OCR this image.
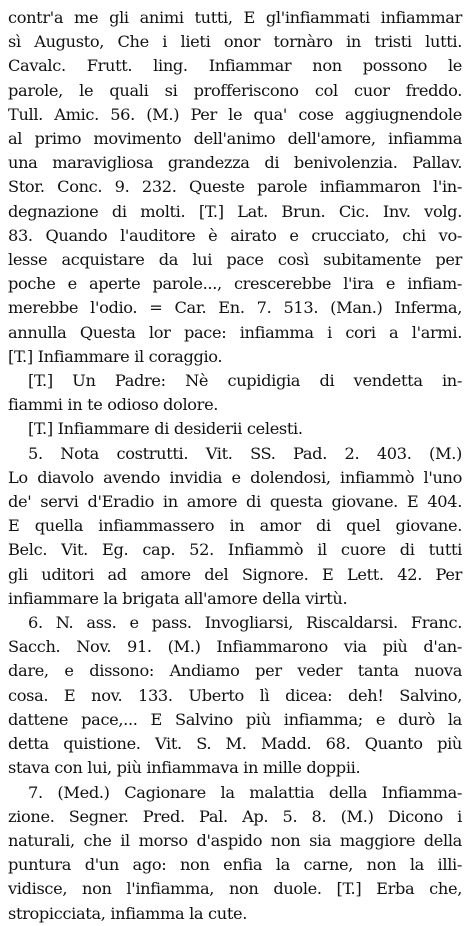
contr'a me gli animi tutti, E gl'infiammati infiammar
sì Augusto, Che i lieti onor tornàro in tristi lutti.
Cavalc. Frutt. ling. Infiammar non possono le
parole, le quali si profferiscono col cuor freddo.
Tull. Amic. 56. (M.) Per le qua' cose aggiugnendole
al primo movimento dell'animo dell'amore, infiamma
una maravigliosa grandezza di benivolenzia. Pallav.
Stor. Conc. 9. 232. Queste parole infiammaron l'in-
degnazione di molti. [T.] Lat. Brun. Cic. Inv. volg.
83. Quando l'auditore è airato e crucciato, chi vo-
lesse acquistare da lui pace così subitamente per
poche e aperte parole..., crescerebbe l'ira e infiam-
merebbe l'odio. = Car. En. 7. 513. (Man.) Inferma,
annulla Questa lor pace: infiamma i cori a l'armi.
[T.] Infiammare il coraggio.
[T.] Un Padre: Nè cupidigia di vendetta in-
fiammi in te odioso dolore.
[T.] Infiammare di desiderii celesti.
5. Nota costrutti. Vit. SS. Pad. 2. 403. (M.)
Lo diavolo avendo invidia e dolendosi, infiammò l'uno
de' servi d'Eradio in amore di questa giovane. E 404.
E quella infiammassero in amor di quel giovane.
Belc. Vit. Eg. cap. 52. Infiammò il cuore di tutti
gli uditori ad amore del Signore. E Lett. 42. Per
infiammare la brigata all'amore della virtù.
6. N. ass. e pass. Invogliarsi, Riscaldarsi. Franc.
Sacch. Nov. 91. (M.) Infiammarono via più d'an-
dare, e dissono: Andiamo per veder tanta nuova
cosa. E nov. 133. Uberto lì dicea: deh! Salvino,
dattene pace,... E Salvino più infiamma; e durò la
detta quistione. Vit. S. M. Madd. 68. Quanto più
stava con lui, più infiammava in mille doppii.
7. (Med.) Cagionare la malattia della Infiamma-
zione. Segner. Pred. Pal. Ap. 5. 8. (M.) Dicono i
naturali, che il morso d'aspido non sia maggiore della
puntura d'un ago: non enfia la carne, non la illi-
vidisce, non l'infiamma, non duole. [T.] Erba che,
stropicciata, infiamma la cute.
